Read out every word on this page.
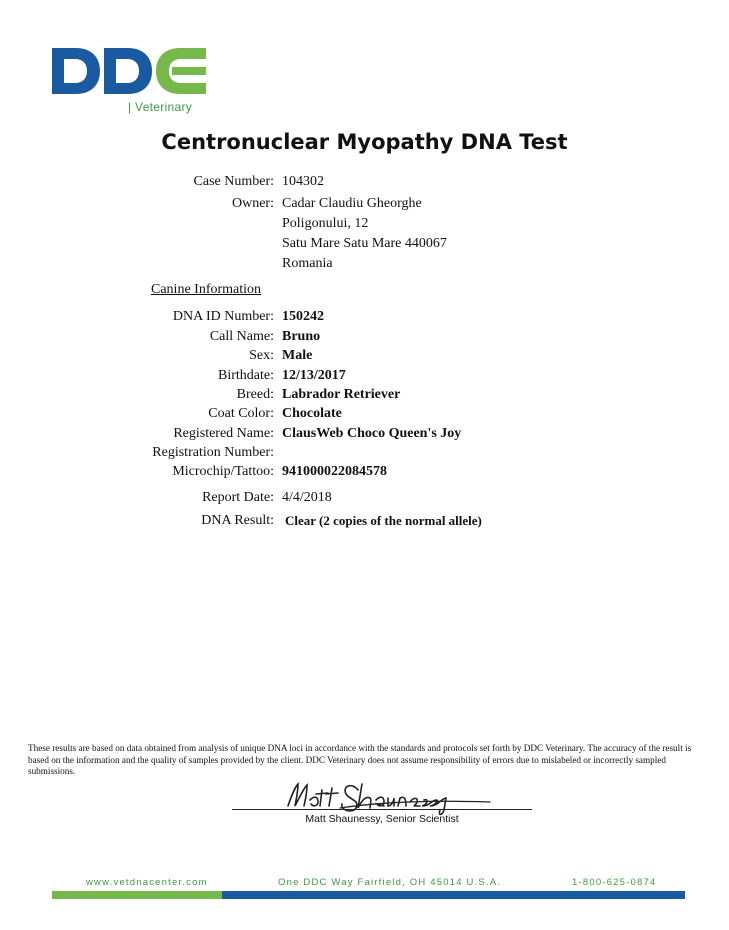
| Veterinary
Centronuclear Myopathy DNA Test
Case Number: 104302
Owner: Cadar Claudiu Gheorghe
Poligonului, 12
Satu Mare Satu Mare 440067
Romania
Canine Information
DNA ID Number: 150242
Call Name: Bruno
Sex: Male
Birthdate: 12/13/2017
Breed: Labrador Retriever
Coat Color: Chocolate
Registered Name: ClausWeb Choco Queen's Joy
Registration Number:
Microchip/Tattoo: 941000022084578
Report Date: 4/4/2018
DNA Result: Clear (2 copies of the normal allele)
These results are based on data obtained from analysis of unique DNA loci in accordance with the standards and protocols set forth by DDC Veterinary. The accuracy of the result is based on the information and the quality of samples provided by the client. DDC Veterinary does not assume responsibility of errors due to mislabeled or incorrectly sampled submissions.
Matt Shaunessy, Senior Scientist
www.vetdnacenter.com	One DDC Way Fairfield, OH 45014 U.S.A.	1-800-625-0874
